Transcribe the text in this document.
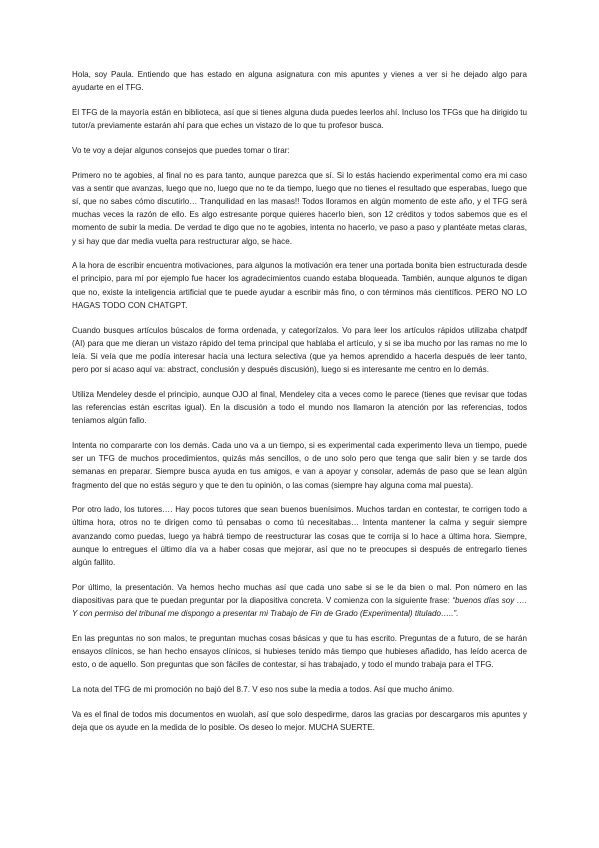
Hola, soy Paula. Entiendo que has estado en alguna asignatura con mis apuntes y vienes a ver si he dejado algo para ayudarte en el TFG.

El TFG de la mayoría están en biblioteca, así que si tienes alguna duda puedes leerlos ahí. Incluso los TFGs que ha dirigido tu tutor/a previamente estarán ahí para que eches un vistazo de lo que tu profesor busca.

Vo te voy a dejar algunos consejos que puedes tomar o tirar:

Primero no te agobies, al final no es para tanto, aunque parezca que sí. Si lo estás haciendo experimental como era mi caso vas a sentir que avanzas, luego que no, luego que no te da tiempo, luego que no tienes el resultado que esperabas, luego que sí, que no sabes cómo discutirlo… Tranquilidad en las masas!! Todos lloramos en algún momento de este año, y el TFG será muchas veces la razón de ello. Es algo estresante porque quieres hacerlo bien, son 12 créditos y todos sabemos que es el momento de subir la media. De verdad te digo que no te agobies, intenta no hacerlo, ve paso a paso y plantéate metas claras, y si hay que dar media vuelta para restructurar algo, se hace.

A la hora de escribir encuentra motivaciones, para algunos la motivación era tener una portada bonita bien estructurada desde el principio, para mí por ejemplo fue hacer los agradecimientos cuando estaba bloqueada. También, aunque algunos te digan que no, existe la inteligencia artificial que te puede ayudar a escribir más fino, o con términos más científicos. PERO NO LO HAGAS TODO CON CHATGPT.

Cuando busques artículos búscalos de forma ordenada, y categorízalos. Vo para leer los artículos rápidos utilizaba chatpdf (AI) para que me dieran un vistazo rápido del tema principal que hablaba el artículo, y si se iba mucho por las ramas no me lo leía. Si veía que me podía interesar hacía una lectura selectiva (que ya hemos aprendido a hacerla después de leer tanto, pero por si acaso aquí va: abstract, conclusión y después discusión), luego si es interesante me centro en lo demás.

Utiliza Mendeley desde el principio, aunque OJO al final, Mendeley cita a veces como le parece (tienes que revisar que todas las referencias están escritas igual). En la discusión a todo el mundo nos llamaron la atención por las referencias, todos teníamos algún fallo.

Intenta no compararte con los demás. Cada uno va a un tiempo, si es experimental cada experimento lleva un tiempo, puede ser un TFG de muchos procedimientos, quizás más sencillos, o de uno solo pero que tenga que salir bien y se tarde dos semanas en preparar. Siempre busca ayuda en tus amigos, e van a apoyar y consolar, además de paso que se lean algún fragmento del que no estás seguro y que te den tu opinión, o las comas (siempre hay alguna coma mal puesta).

Por otro lado, los tutores…. Hay pocos tutores que sean buenos buenísimos. Muchos tardan en contestar, te corrigen todo a última hora, otros no te dirigen como tú pensabas o como tú necesitabas… Intenta mantener la calma y seguir siempre avanzando como puedas, luego ya habrá tiempo de reestructurar las cosas que te corrija si lo hace a última hora. Siempre, aunque lo entregues el último día va a haber cosas que mejorar, así que no te preocupes si después de entregarlo tienes algún fallito.

Por último, la presentación. Va hemos hecho muchas así que cada uno sabe si se le da bien o mal. Pon número en las diapositivas para que te puedan preguntar por la diapositiva concreta. V comienza con la siguiente frase: “buenos días soy …. Y con permiso del tribunal me dispongo a presentar mi Trabajo de Fin de Grado (Experimental) titulado…..”.

En las preguntas no son malos, te preguntan muchas cosas básicas y que tu has escrito. Preguntas de a futuro, de se harán ensayos clínicos, se han hecho ensayos clínicos, si hubieses tenido más tiempo que hubieses añadido, has leído acerca de esto, o de aquello. Son preguntas que son fáciles de contestar, si has trabajado, y todo el mundo trabaja para el TFG.

La nota del TFG de mi promoción no bajó del 8.7. V eso nos sube la media a todos. Así que mucho ánimo.

Va es el final de todos mis documentos en wuolah, así que solo despedirme, daros las gracias por descargaros mis apuntes y deja que os ayude en la medida de lo posible. Os deseo lo mejor. MUCHA SUERTE.
